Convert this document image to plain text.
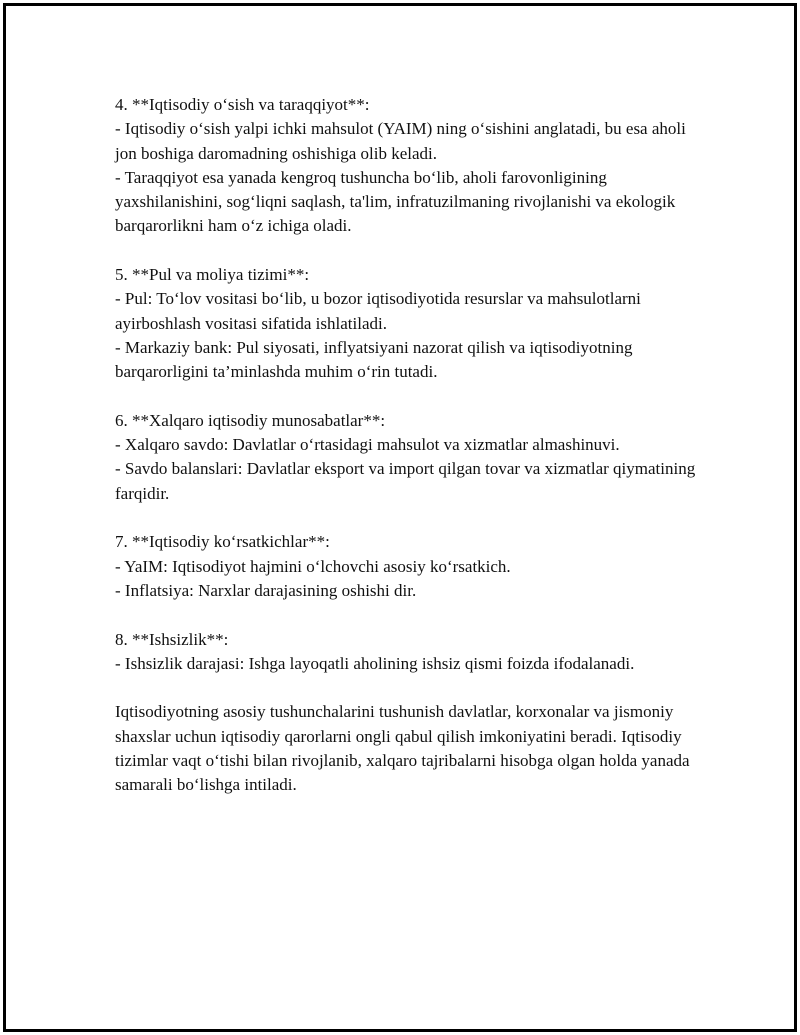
4. **Iqtisodiy o‘sish va taraqqiyot**:
- Iqtisodiy o‘sish yalpi ichki mahsulot (YAIM) ning o‘sishini anglatadi, bu esa aholi jon boshiga daromadning oshishiga olib keladi.
- Taraqqiyot esa yanada kengroq tushuncha bo‘lib, aholi farovonligining yaxshilanishini, sog‘liqni saqlash, ta'lim, infratuzilmaning rivojlanishi va ekologik barqarorlikni ham o‘z ichiga oladi.
5. **Pul va moliya tizimi**:
- Pul: To‘lov vositasi bo‘lib, u bozor iqtisodiyotida resurslar va mahsulotlarni ayirboshlash vositasi sifatida ishlatiladi.
- Markaziy bank: Pul siyosati, inflyatsiyani nazorat qilish va iqtisodiyotning barqarorligini ta’minlashda muhim o‘rin tutadi.
6. **Xalqaro iqtisodiy munosabatlar**:
- Xalqaro savdo: Davlatlar o‘rtasidagi mahsulot va xizmatlar almashinuvi.
- Savdo balanslari: Davlatlar eksport va import qilgan tovar va xizmatlar qiymatining farqidir.
7. **Iqtisodiy ko‘rsatkichlar**:
- YaIM: Iqtisodiyot hajmini o‘lchovchi asosiy ko‘rsatkich.
- Inflatsiya: Narxlar darajasining oshishi dir.
8. **Ishsizlik**:
- Ishsizlik darajasi: Ishga layoqatli aholining ishsiz qismi foizda ifodalanadi.
Iqtisodiyotning asosiy tushunchalarini tushunish davlatlar, korxonalar va jismoniy shaxslar uchun iqtisodiy qarorlarni ongli qabul qilish imkoniyatini beradi. Iqtisodiy tizimlar vaqt o‘tishi bilan rivojlanib, xalqaro tajribalarni hisobga olgan holda yanada samarali bo‘lishga intiladi.
